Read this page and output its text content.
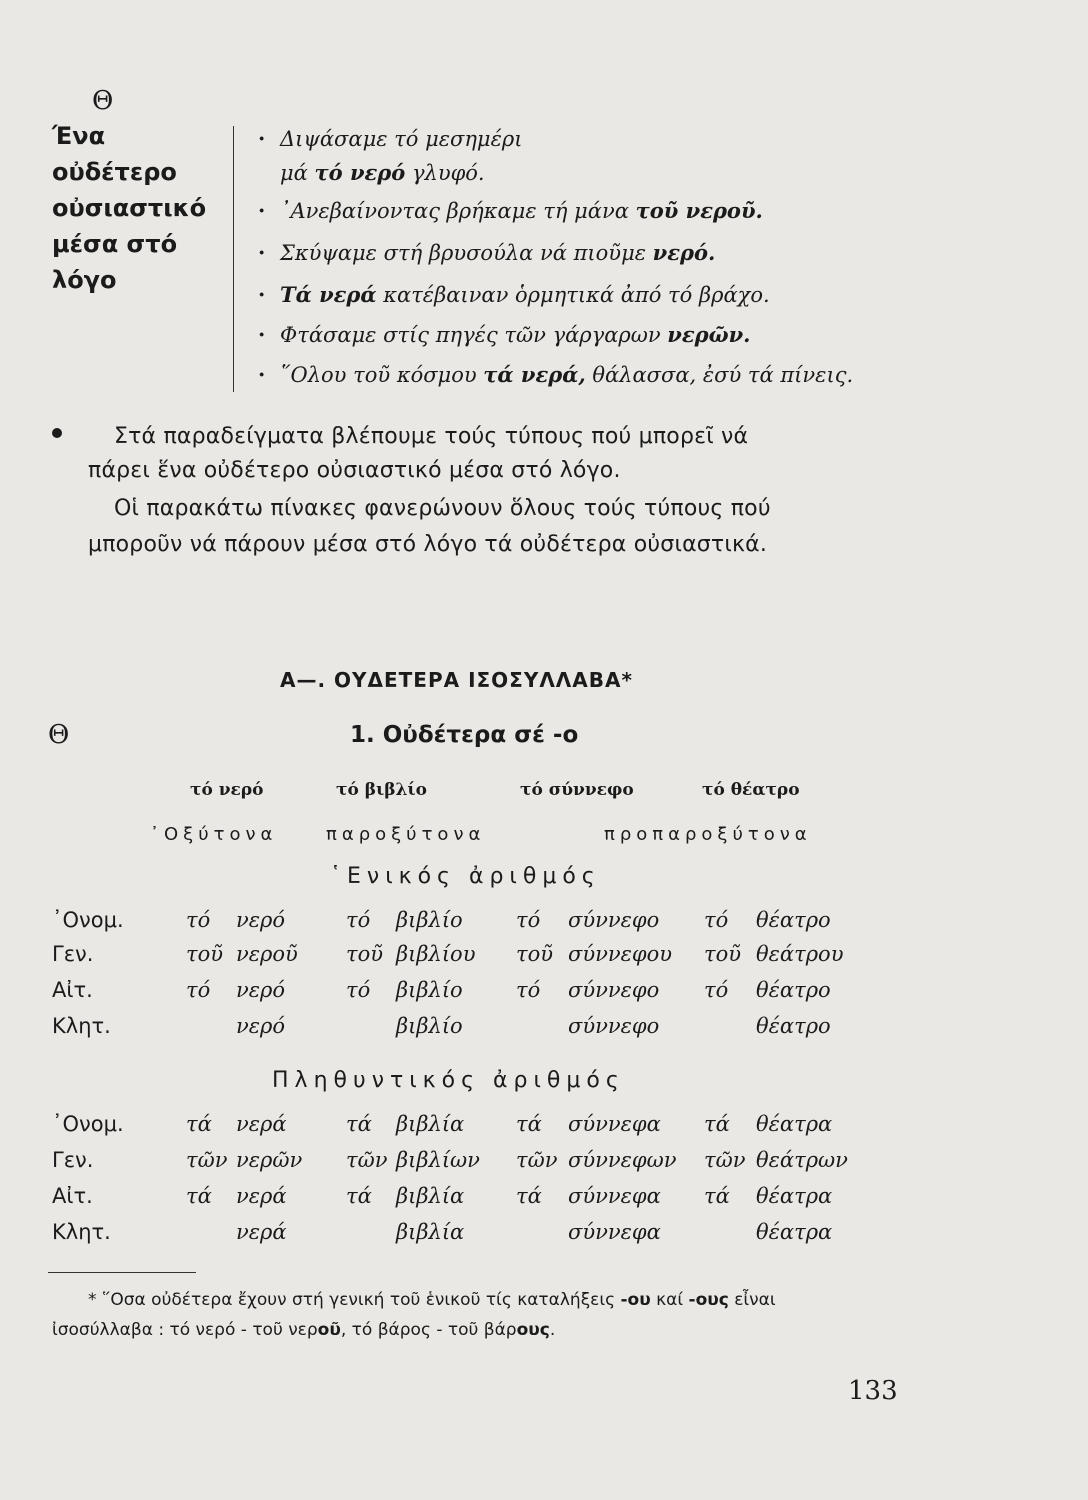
Θ
Ένα
οὐδέτερο
οὐσιαστικό
μέσα στό
λόγο
· Διψάσαμε τό μεσημέρι
μά τό νερό γλυφό.
· ᾽Ανεβαίνοντας βρήκαμε τή μάνα τοῦ νεροῦ.
· Σκύψαμε στή βρυσούλα νά πιοῦμε νερό.
· Τά νερά κατέβαιναν ὁρμητικά ἀπό τό βράχο.
· Φτάσαμε στίς πηγές τῶν γάργαρων νερῶν.
· ῞Ολου τοῦ κόσμου τά νερά, θάλασσα, ἐσύ τά πίνεις.
Στά παραδείγματα βλέπουμε τούς τύπους πού μπορεῖ νά
πάρει ἕνα οὐδέτερο οὐσιαστικό μέσα στό λόγο.
Οἱ παρακάτω πίνακες φανερώνουν ὅλους τούς τύπους πού
μποροῦν νά πάρουν μέσα στό λόγο τά οὐδέτερα οὐσιαστικά.
Α—. ΟΥΔΕΤΕΡΑ ΙΣΟΣΥΛΛΑΒΑ*
Θ	1. Οὐδέτερα σέ -ο
τό νερό	τό βιβλίο	τό σύννεφο	τό θέατρο
᾽Οξύτονα	παροξύτονα	προπαροξύτονα
῾Ενικός ἀριθμός
᾽Ονομ.	τό νερό	τό βιβλίο	τό σύννεφο τό θέατρο
Γεν.	τοῦ νεροῦ τοῦ βιβλίου τοῦ σύννεφου τοῦ θεάτρου
Αἰτ.	τό νερό	τό βιβλίο	τό σύννεφο τό θέατρο
Κλητ.	νερό	βιβλίο	σύννεφο	θέατρο
Πληθυντικός ἀριθμός
᾽Ονομ.	τά νερά	τά βιβλία τά σύννεφα τά θέατρα
Γεν.	τῶν νερῶν τῶν βιβλίων τῶν σύννεφων τῶν θεάτρων
Αἰτ.	τά νερά	τά βιβλία τά σύννεφα τά θέατρα
Κλητ.	νερά	βιβλία	σύννεφα	θέατρα
* ῞Οσα οὐδέτερα ἔχουν στή γενική τοῦ ἑνικοῦ τίς καταλήξεις -ου καί -ους εἶναι
ἰσοσύλλαβα : τό νερό - τοῦ νεροῦ, τό βάρος - τοῦ βάρους.
133
